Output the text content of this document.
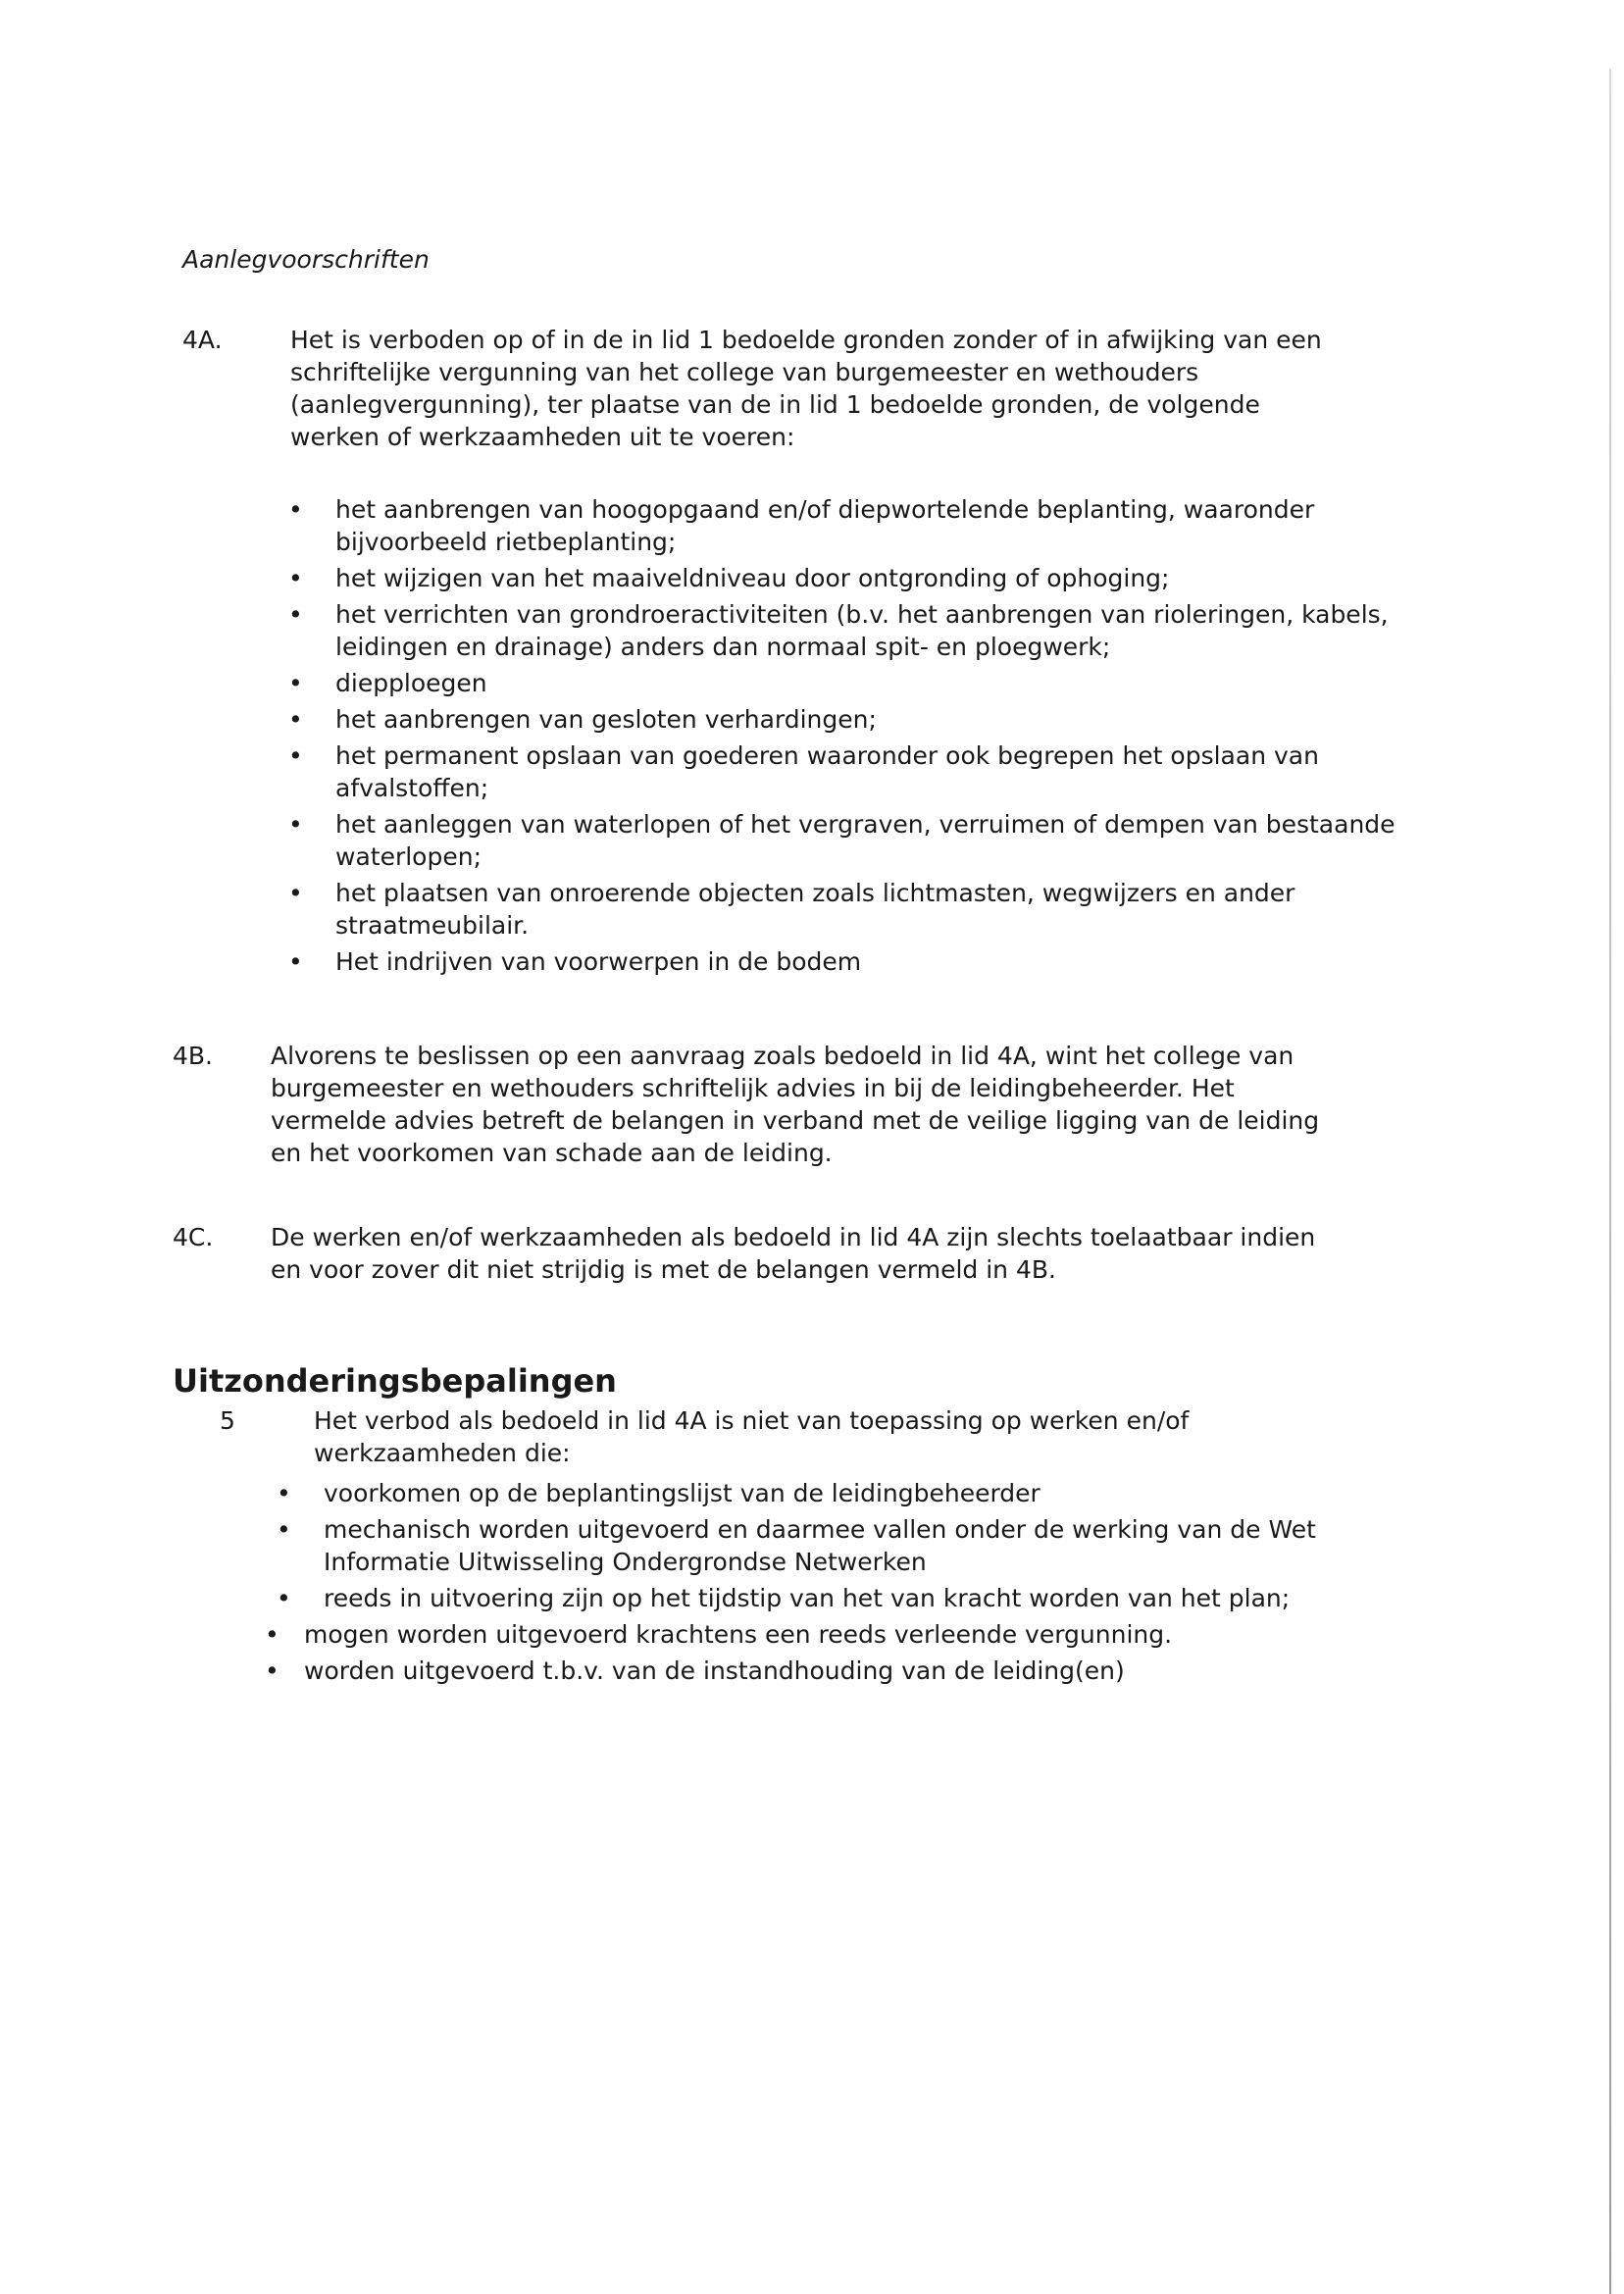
Aanlegvoorschriften
4A.	Het is verboden op of in de in lid 1 bedoelde gronden zonder of in afwijking van een schriftelijke vergunning van het college van burgemeester en wethouders (aanlegvergunning), ter plaatse van de in lid 1 bedoelde gronden, de volgende werken of werkzaamheden uit te voeren:
• het aanbrengen van hoogopgaand en/of diepwortelende beplanting, waaronder bijvoorbeeld rietbeplanting;
• het wijzigen van het maaiveldniveau door ontgronding of ophoging;
• het verrichten van grondroeractiviteiten (b.v. het aanbrengen van rioleringen, kabels, leidingen en drainage) anders dan normaal spit- en ploegwerk;
• diepploegen
• het aanbrengen van gesloten verhardingen;
• het permanent opslaan van goederen waaronder ook begrepen het opslaan van afvalstoffen;
• het aanleggen van waterlopen of het vergraven, verruimen of dempen van bestaande waterlopen;
• het plaatsen van onroerende objecten zoals lichtmasten, wegwijzers en ander straatmeubilair.
• Het indrijven van voorwerpen in de bodem
4B. Alvorens te beslissen op een aanvraag zoals bedoeld in lid 4A, wint het college van burgemeester en wethouders schriftelijk advies in bij de leidingbeheerder. Het vermelde advies betreft de belangen in verband met de veilige ligging van de leiding en het voorkomen van schade aan de leiding.
4C. De werken en/of werkzaamheden als bedoeld in lid 4A zijn slechts toelaatbaar indien en voor zover dit niet strijdig is met de belangen vermeld in 4B.
Uitzonderingsbepalingen
5	Het verbod als bedoeld in lid 4A is niet van toepassing op werken en/of werkzaamheden die:
• voorkomen op de beplantingslijst van de leidingbeheerder
• mechanisch worden uitgevoerd en daarmee vallen onder de werking van de Wet Informatie Uitwisseling Ondergrondse Netwerken
• reeds in uitvoering zijn op het tijdstip van het van kracht worden van het plan;
• mogen worden uitgevoerd krachtens een reeds verleende vergunning.
• worden uitgevoerd t.b.v. van de instandhouding van de leiding(en)
